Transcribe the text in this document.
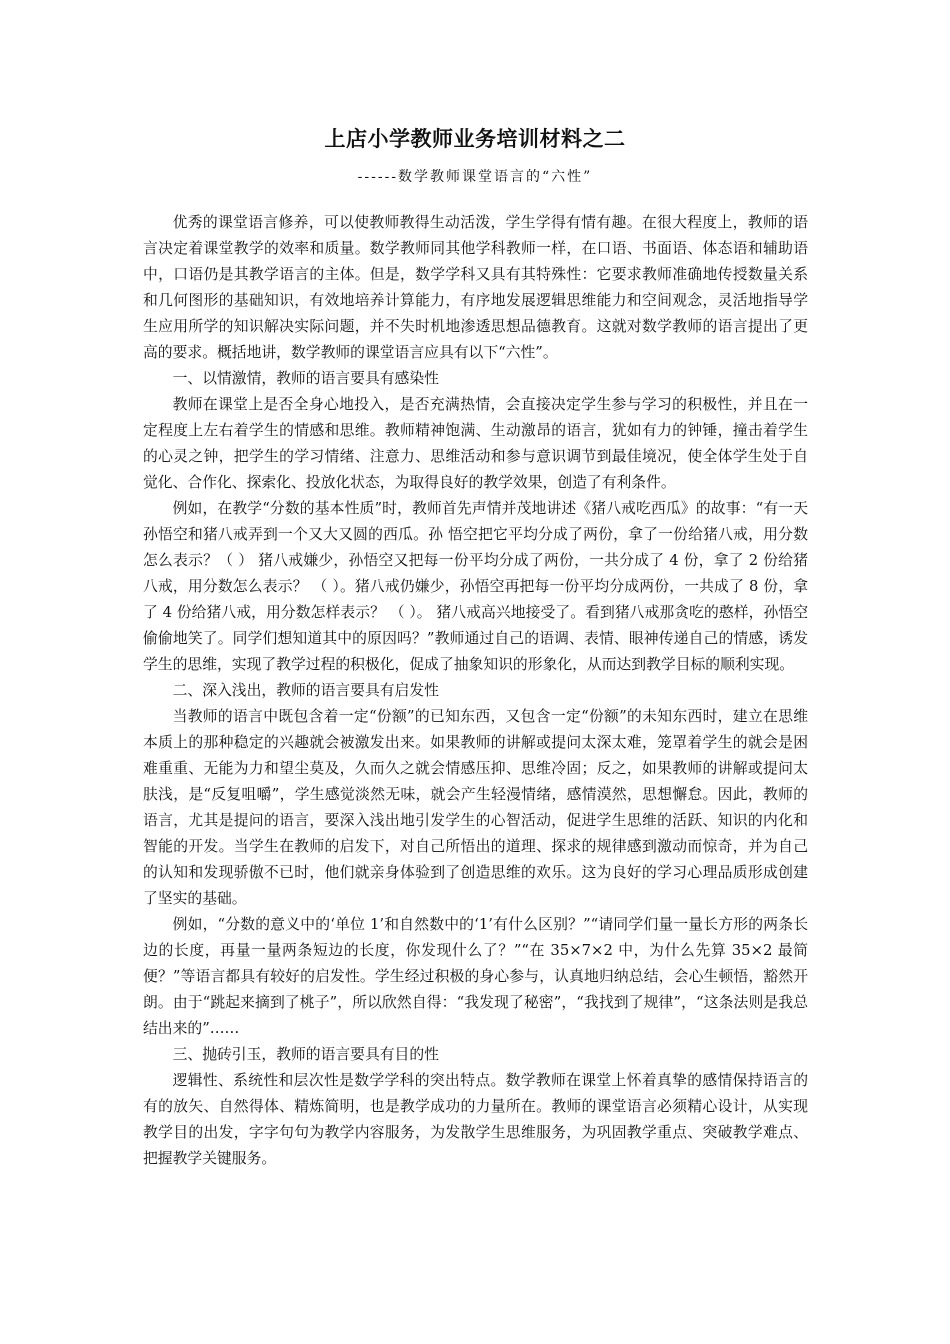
上店小学教师业务培训材料之二
------数学教师课堂语言的“六性”

优秀的课堂语言修养，可以使教师教得生动活泼，学生学得有情有趣。在很大程度上，教师的语言决定着课堂教学的效率和质量。数学教师同其他学科教师一样，在口语、书面语、体态语和辅助语中，口语仍是其教学语言的主体。但是，数学学科又具有其特殊性：它要求教师准确地传授数量关系和几何图形的基础知识，有效地培养计算能力，有序地发展逻辑思维能力和空间观念，灵活地指导学生应用所学的知识解决实际问题，并不失时机地渗透思想品德教育。这就对数学教师的语言提出了更高的要求。概括地讲，数学教师的课堂语言应具有以下“六性”。

一、以情激情，教师的语言要具有感染性

教师在课堂上是否全身心地投入，是否充满热情，会直接决定学生参与学习的积极性，并且在一定程度上左右着学生的情感和思维。教师精神饱满、生动激昂的语言，犹如有力的钟锤，撞击着学生的心灵之钟，把学生的学习情绪、注意力、思维活动和参与意识调节到最佳境况，使全体学生处于自觉化、合作化、探索化、投放化状态，为取得良好的教学效果，创造了有利条件。

例如，在教学“分数的基本性质”时，教师首先声情并茂地讲述《猪八戒吃西瓜》的故事：“有一天孙悟空和猪八戒弄到一个又大又圆的西瓜。孙 悟空把它平均分成了两份，拿了一份给猪八戒，用分数怎么表示？（ ） 猪八戒嫌少，孙悟空又把每一份平均分成了两份，一共分成了 4 份，拿了 2 份给猪八戒，用分数怎么表示？ （ ）。猪八戒仍嫌少，孙悟空再把每一份平均分成两份，一共成了 8 份，拿了 4 份给猪八戒，用分数怎样表示？ （ ）。 猪八戒高兴地接受了。看到猪八戒那贪吃的憨样，孙悟空偷偷地笑了。同学们想知道其中的原因吗？”教师通过自己的语调、表情、眼神传递自己的情感，诱发学生的思维，实现了教学过程的积极化，促成了抽象知识的形象化，从而达到教学目标的顺利实现。

二、深入浅出，教师的语言要具有启发性

当教师的语言中既包含着一定“份额”的已知东西，又包含一定“份额”的未知东西时，建立在思维本质上的那种稳定的兴趣就会被激发出来。如果教师的讲解或提问太深太难，笼罩着学生的就会是困难重重、无能为力和望尘莫及，久而久之就会情感压抑、思维冷固；反之，如果教师的讲解或提问太肤浅，是“反复咀嚼”，学生感觉淡然无味，就会产生轻漫情绪，感情漠然，思想懈怠。因此，教师的语言，尤其是提问的语言，要深入浅出地引发学生的心智活动，促进学生思维的活跃、知识的内化和智能的开发。当学生在教师的启发下，对自己所悟出的道理、探求的规律感到激动而惊奇，并为自己的认知和发现骄傲不已时，他们就亲身体验到了创造思维的欢乐。这为良好的学习心理品质形成创建了坚实的基础。

例如，“分数的意义中的‘单位 1’和自然数中的‘1’有什么区别？”“请同学们量一量长方形的两条长边的长度，再量一量两条短边的长度，你发现什么了？”“在 35×7×2 中，为什么先算 35×2 最简便？”等语言都具有较好的启发性。学生经过积极的身心参与，认真地归纳总结，会心生顿悟，豁然开朗。由于“跳起来摘到了桃子”，所以欣然自得：“我发现了秘密”，“我找到了规律”，“这条法则是我总结出来的”……

三、抛砖引玉，教师的语言要具有目的性

逻辑性、系统性和层次性是数学学科的突出特点。数学教师在课堂上怀着真挚的感情保持语言的有的放矢、自然得体、精炼简明，也是教学成功的力量所在。教师的课堂语言必须精心设计，从实现教学目的出发，字字句句为教学内容服务，为发散学生思维服务，为巩固教学重点、突破教学难点、把握教学关键服务。
